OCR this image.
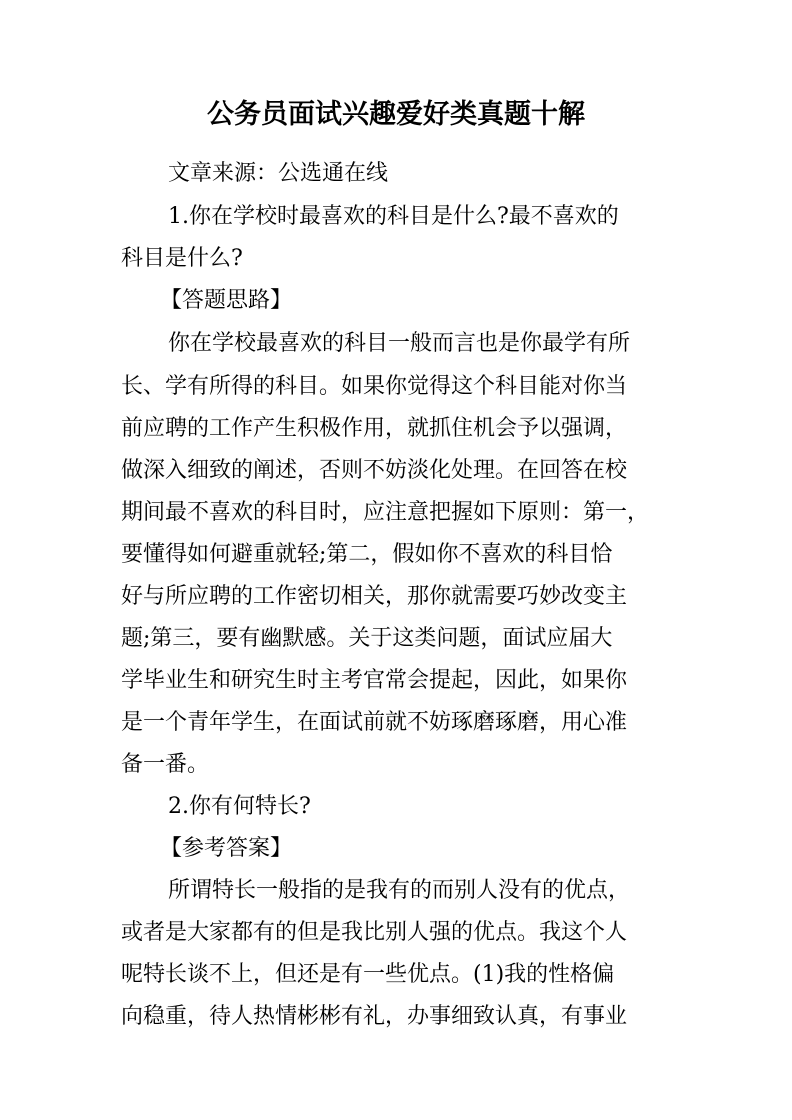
公务员面试兴趣爱好类真题十解

文章来源：公选通在线

1.你在学校时最喜欢的科目是什么?最不喜欢的

科目是什么?

【答题思路】

你在学校最喜欢的科目一般而言也是你最学有所

长、学有所得的科目。如果你觉得这个科目能对你当

前应聘的工作产生积极作用，就抓住机会予以强调，

做深入细致的阐述，否则不妨淡化处理。在回答在校

期间最不喜欢的科目时，应注意把握如下原则：第一，

要懂得如何避重就轻;第二，假如你不喜欢的科目恰

好与所应聘的工作密切相关，那你就需要巧妙改变主

题;第三，要有幽默感。关于这类问题，面试应届大

学毕业生和研究生时主考官常会提起，因此，如果你

是一个青年学生，在面试前就不妨琢磨琢磨，用心准

备一番。

2.你有何特长?

【参考答案】

所谓特长一般指的是我有的而别人没有的优点，

或者是大家都有的但是我比别人强的优点。我这个人

呢特长谈不上，但还是有一些优点。(1)我的性格偏

向稳重，待人热情彬彬有礼，办事细致认真，有事业
